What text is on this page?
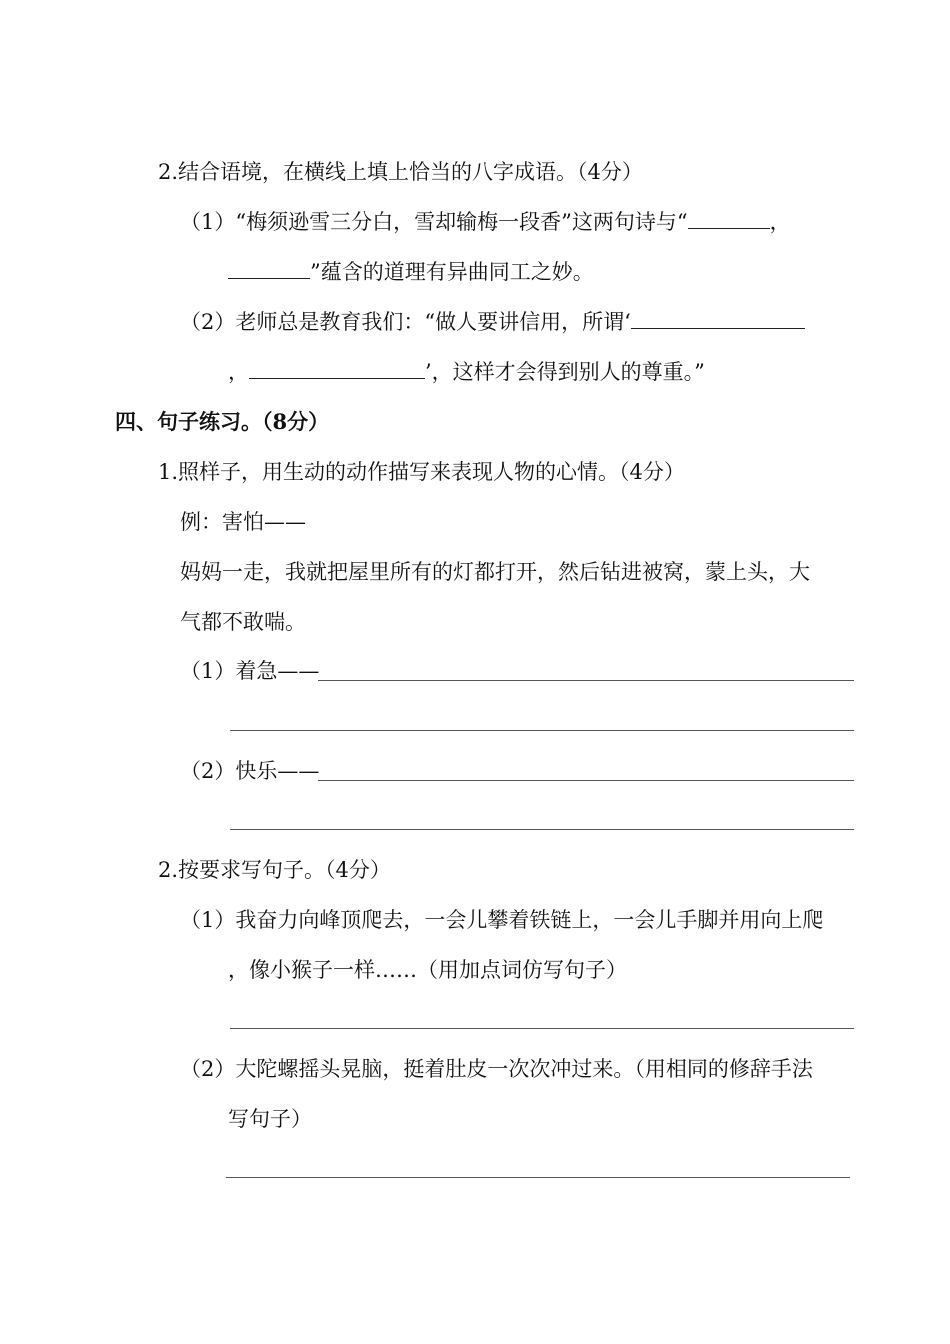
2.结合语境，在横线上填上恰当的八字成语。（4分）
（1）“梅须逊雪三分白，雪却输梅一段香”这两句诗与“	，
”蕴含的道理有异曲同工之妙。
（2）老师总是教育我们：“做人要讲信用，所谓‘
，	’，这样才会得到别人的尊重。”
四、句子练习。（8分）
1.照样子，用生动的动作描写来表现人物的心情。（4分）
例：害怕——
妈妈一走，我就把屋里所有的灯都打开，然后钻进被窝，蒙上头，大
气都不敢喘。
（1）着急——
（2）快乐——
2.按要求写句子。（4分）
（1）我奋力向峰顶爬去，一会儿攀着铁链上，一会儿手脚并用向上爬
，像小猴子一样……（用加点词仿写句子）
（2）大陀螺摇头晃脑，挺着肚皮一次次冲过来。（用相同的修辞手法
写句子）
